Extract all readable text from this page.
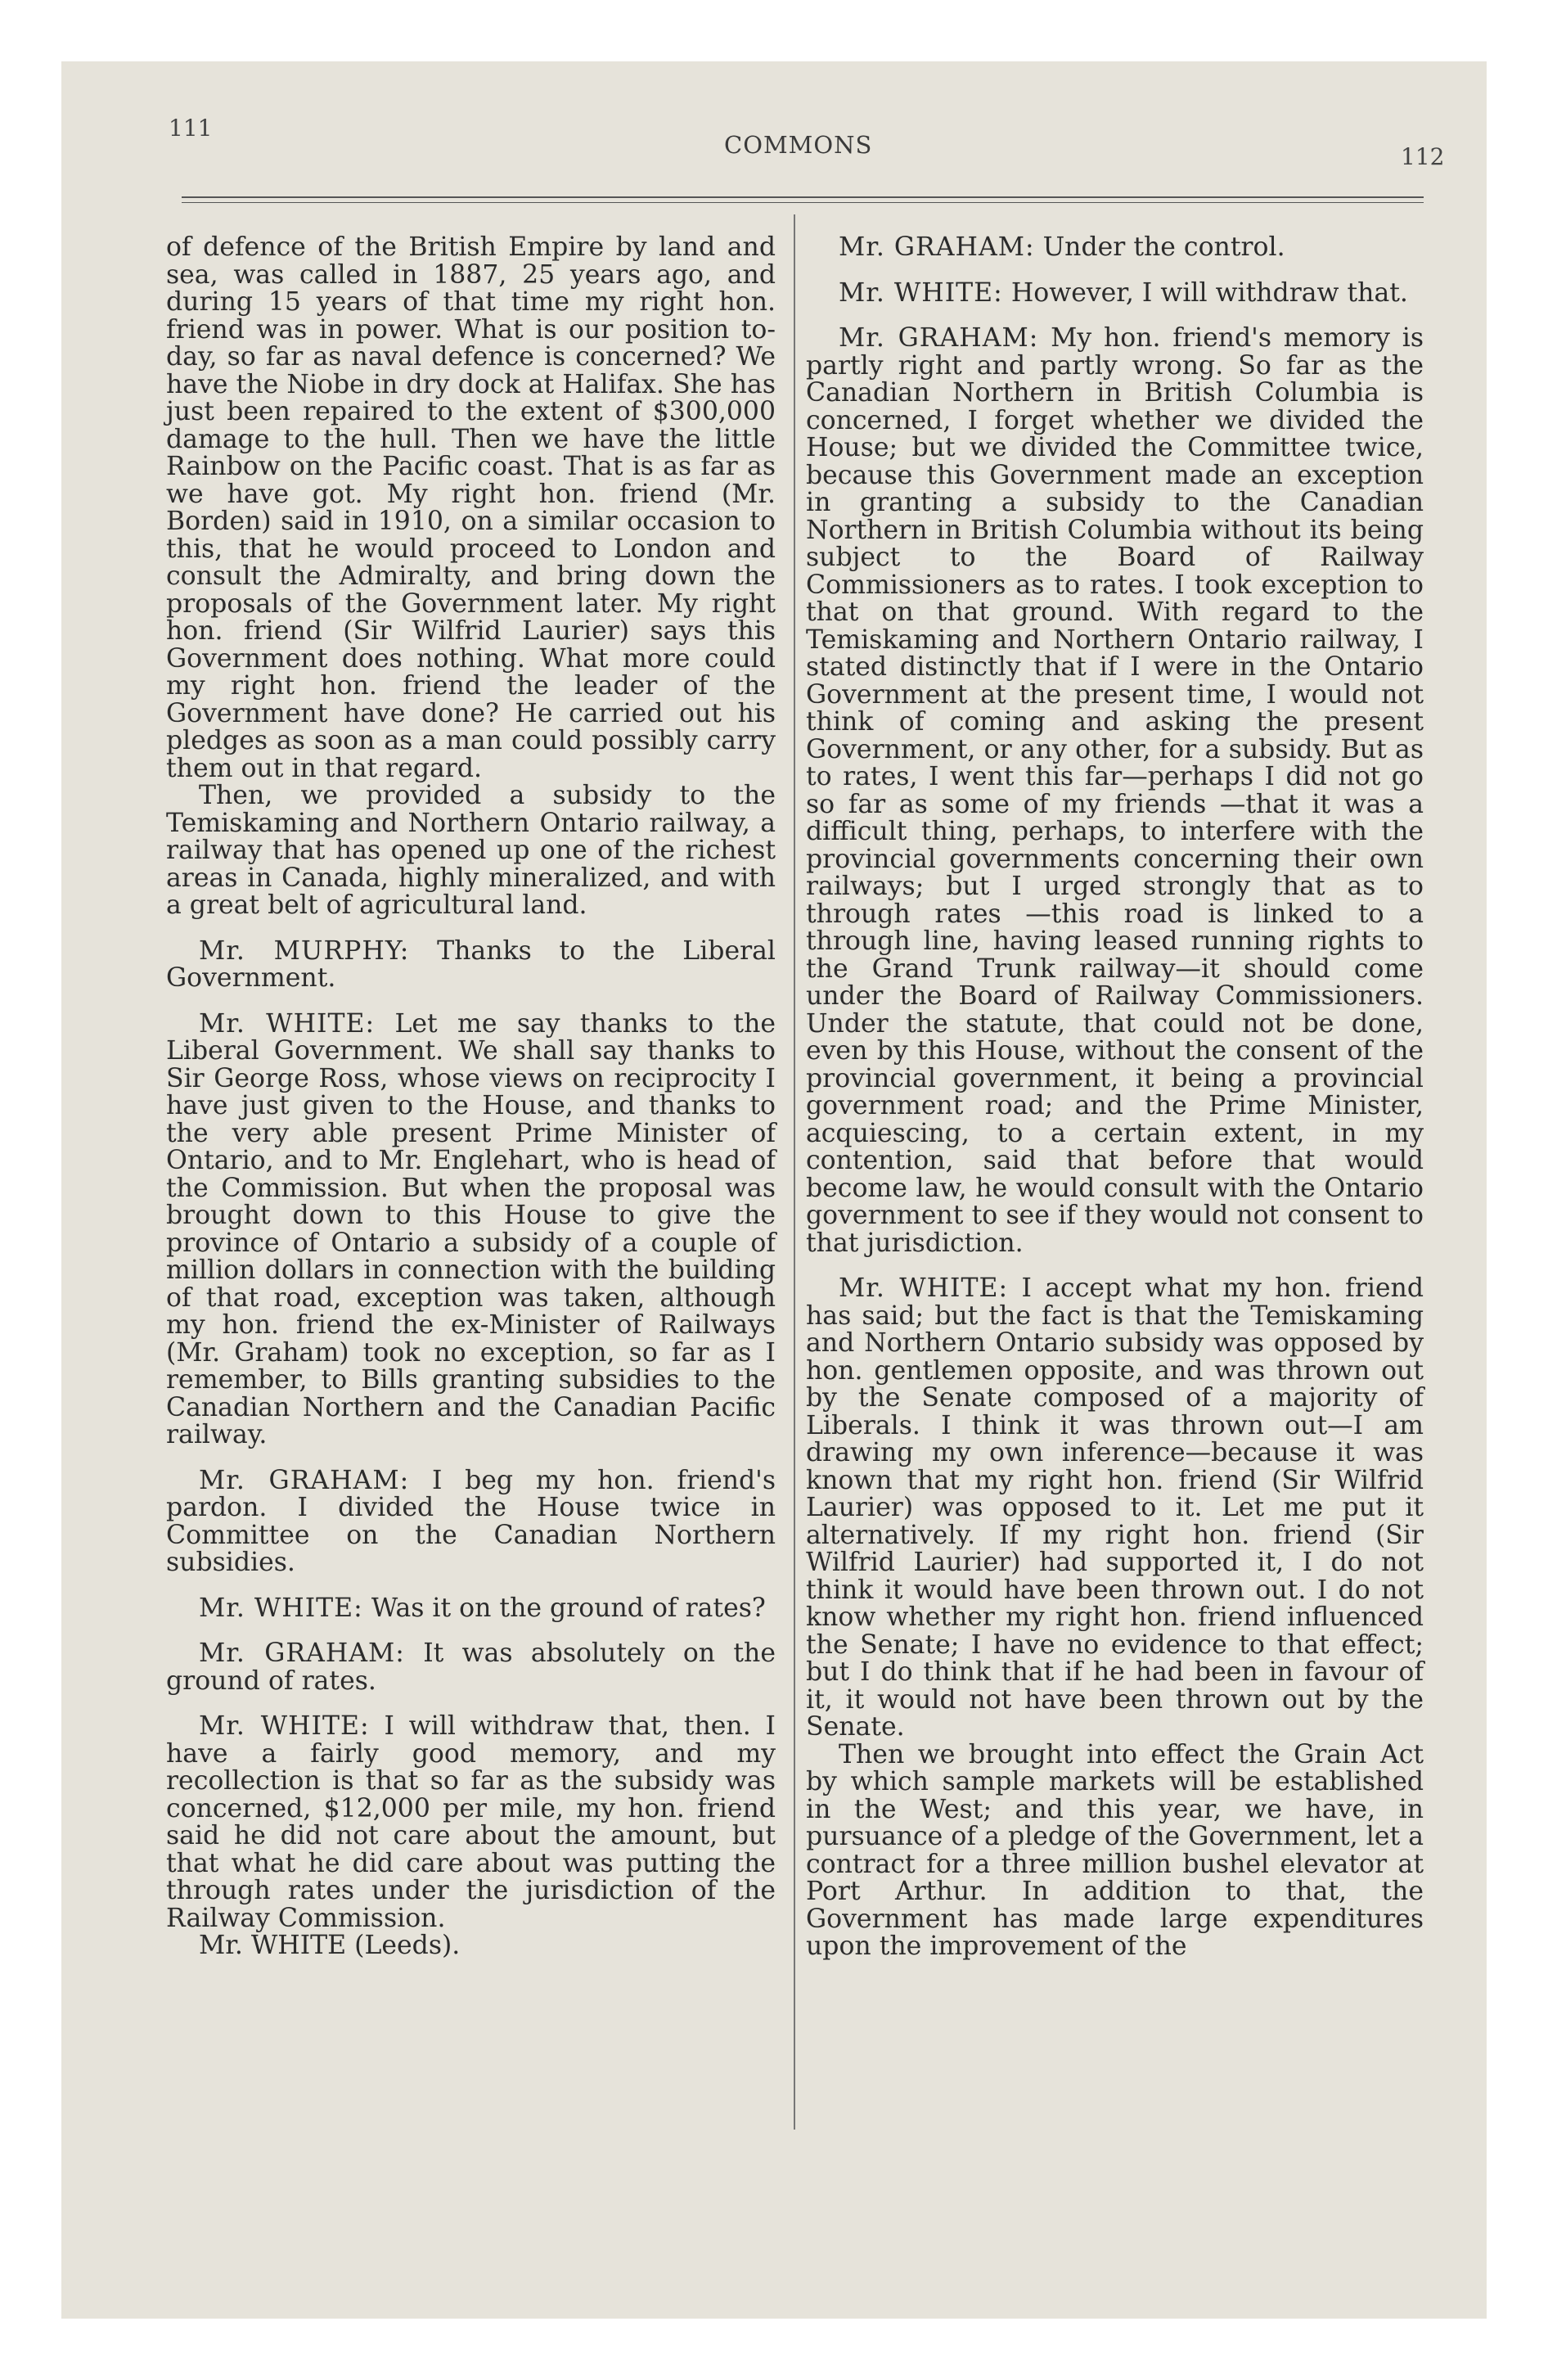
111
COMMONS	112

of defence of the British Empire by land and sea, was called in 1887, 25 years ago, and during 15 years of that time my right hon. friend was in power. What is our position to-day, so far as naval defence is concerned? We have the Niobe in dry dock at Halifax. She has just been repaired to the extent of $300,000 damage to the hull. Then we have the little Rainbow on the Pacific coast. That is as far as we have got. My right hon. friend (Mr. Borden) said in 1910, on a similar occasion to this, that he would proceed to London and consult the Admiralty, and bring down the proposals of the Government later. My right hon. friend (Sir Wilfrid Laurier) says this Government does nothing. What more could my right hon. friend the leader of the Government have done? He carried out his pledges as soon as a man could possibly carry them out in that regard.

Then, we provided a subsidy to the Temiskaming and Northern Ontario railway, a railway that has opened up one of the richest areas in Canada, highly mineralized, and with a great belt of agricultural land.

Mr. MURPHY: Thanks to the Liberal Government.

Mr. WHITE: Let me say thanks to the Liberal Government. We shall say thanks to Sir George Ross, whose views on reciprocity I have just given to the House, and thanks to the very able present Prime Minister of Ontario, and to Mr. Englehart, who is head of the Commission. But when the proposal was brought down to this House to give the province of Ontario a subsidy of a couple of million dollars in connection with the building of that road, exception was taken, although my hon. friend the ex-Minister of Railways (Mr. Graham) took no exception, so far as I remember, to Bills granting subsidies to the Canadian Northern and the Canadian Pacific railway.

Mr. GRAHAM: I beg my hon. friend's pardon. I divided the House twice in Committee on the Canadian Northern subsidies.

Mr. WHITE: Was it on the ground of rates?

Mr. GRAHAM: It was absolutely on the ground of rates.

Mr. WHITE: I will withdraw that, then. I have a fairly good memory, and my recollection is that so far as the subsidy was concerned, $12,000 per mile, my hon. friend said he did not care about the amount, but that what he did care about was putting the through rates under the jurisdiction of the Railway Commission.

Mr. WHITE (Leeds).

Mr. GRAHAM: Under the control.

Mr. WHITE: However, I will withdraw that.

Mr. GRAHAM: My hon. friend's memory is partly right and partly wrong. So far as the Canadian Northern in British Columbia is concerned, I forget whether we divided the House; but we divided the Committee twice, because this Government made an exception in granting a subsidy to the Canadian Northern in British Columbia without its being subject to the Board of Railway Commissioners as to rates. I took exception to that on that ground. With regard to the Temiskaming and Northern Ontario railway, I stated distinctly that if I were in the Ontario Government at the present time, I would not think of coming and asking the present Government, or any other, for a subsidy. But as to rates, I went this far—perhaps I did not go so far as some of my friends —that it was a difficult thing, perhaps, to interfere with the provincial governments concerning their own railways; but I urged strongly that as to through rates —this road is linked to a through line, having leased running rights to the Grand Trunk railway—it should come under the Board of Railway Commissioners. Under the statute, that could not be done, even by this House, without the consent of the provincial government, it being a provincial government road; and the Prime Minister, acquiescing, to a certain extent, in my contention, said that before that would become law, he would consult with the Ontario government to see if they would not consent to that jurisdiction.

Mr. WHITE: I accept what my hon. friend has said; but the fact is that the Temiskaming and Northern Ontario subsidy was opposed by hon. gentlemen opposite, and was thrown out by the Senate composed of a majority of Liberals. I think it was thrown out—I am drawing my own inference—because it was known that my right hon. friend (Sir Wilfrid Laurier) was opposed to it. Let me put it alternatively. If my right hon. friend (Sir Wilfrid Laurier) had supported it, I do not think it would have been thrown out. I do not know whether my right hon. friend influenced the Senate; I have no evidence to that effect; but I do think that if he had been in favour of it, it would not have been thrown out by the Senate.

Then we brought into effect the Grain Act by which sample markets will be established in the West; and this year, we have, in pursuance of a pledge of the Government, let a contract for a three million bushel elevator at Port Arthur. In addition to that, the Government has made large expenditures upon the improvement of the
